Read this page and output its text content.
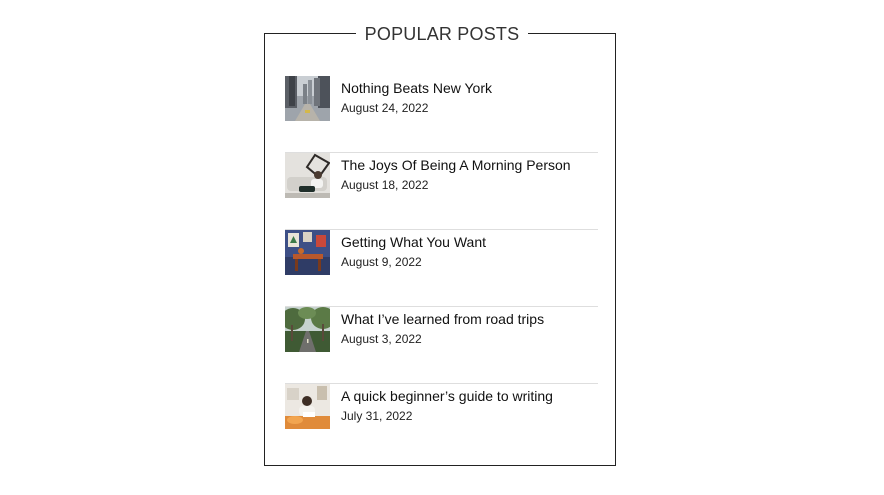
POPULAR POSTS
Nothing Beats New York
August 24, 2022
The Joys Of Being A Morning Person
August 18, 2022
Getting What You Want
August 9, 2022
What I’ve learned from road trips
August 3, 2022
A quick beginner’s guide to writing
July 31, 2022
